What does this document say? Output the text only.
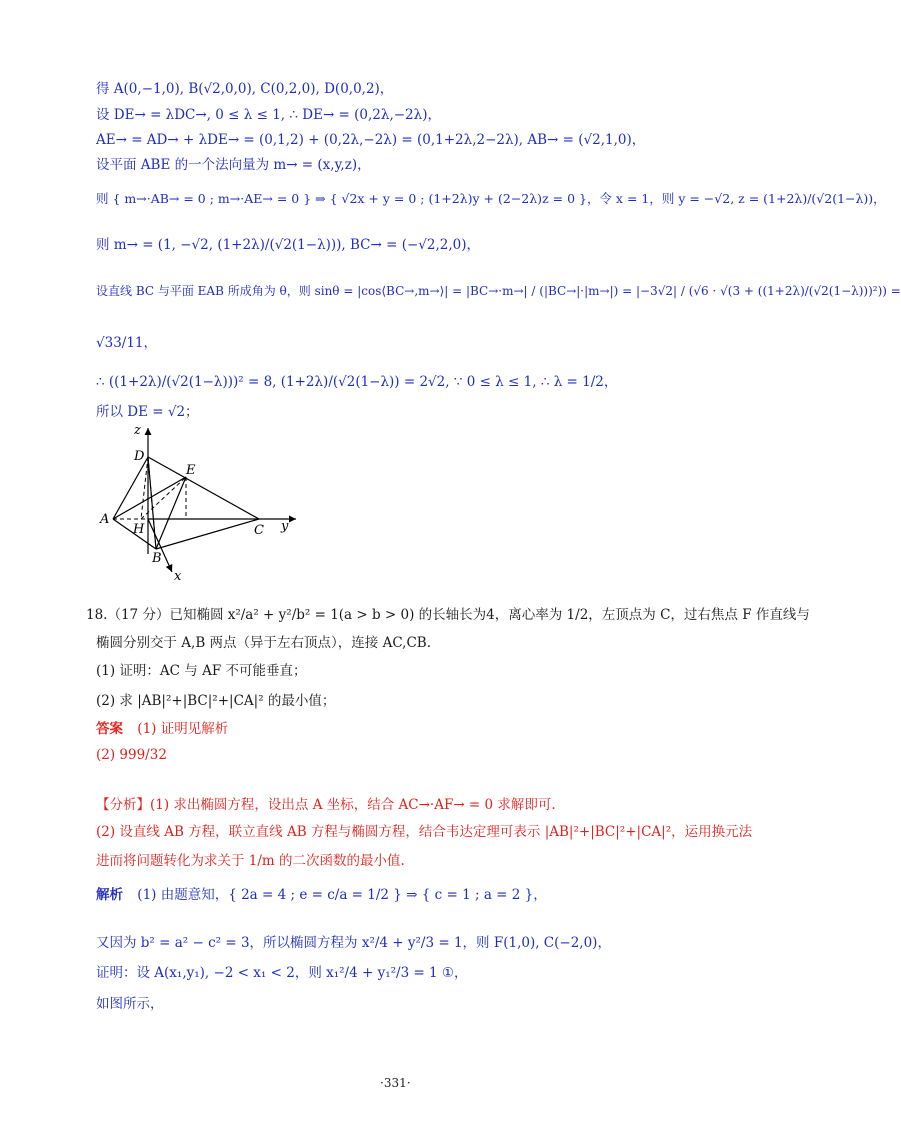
得 A(0,−1,0), B(√2,0,0), C(0,2,0), D(0,0,2)，
设 DE→ = λDC→, 0 ≤ λ ≤ 1, ∴ DE→ = (0,2λ,−2λ)，
AE→ = AD→ + λDE→ = (0,1,2) + (0,2λ,−2λ) = (0,1+2λ,2−2λ), AB→ = (√2,1,0)，
设平面 ABE 的一个法向量为 m→ = (x,y,z)，
则 { m→·AB→ = 0 ; m→·AE→ = 0 } ⇒ { √2x + y = 0 ; (1+2λ)y + (2−2λ)z = 0 }，令 x = 1，则 y = −√2, z = (1+2λ)/(√2(1−λ))，
则 m→ = (1, −√2, (1+2λ)/(√2(1−λ))), BC→ = (−√2,2,0)，
设直线 BC 与平面 EAB 所成角为 θ，则 sinθ = |cos⟨BC→,m→⟩| = |BC→·m→| / (|BC→|·|m→|) = |−3√2| / (√6 · √(3 + ((1+2λ)/(√2(1−λ)))²)) =
√33/11，
∴ ((1+2λ)/(√2(1−λ)))² = 8, (1+2λ)/(√2(1−λ)) = 2√2, ∵ 0 ≤ λ ≤ 1, ∴ λ = 1/2，
所以 DE = √2；
z
D
E
A
H	C y
B
x
18.（17 分）已知椭圆 x²/a² + y²/b² = 1(a > b > 0) 的长轴长为4，离心率为 1/2，左顶点为 C，过右焦点 F 作直线与
椭圆分别交于 A,B 两点（异于左右顶点），连接 AC,CB.
(1) 证明：AC 与 AF 不可能垂直；
(2) 求 |AB|²+|BC|²+|CA|² 的最小值；
答案 (1) 证明见解析
(2) 999/32
【分析】(1) 求出椭圆方程，设出点 A 坐标，结合 AC→·AF→ = 0 求解即可.
(2) 设直线 AB 方程，联立直线 AB 方程与椭圆方程，结合韦达定理可表示 |AB|²+|BC|²+|CA|²，运用换元法
进而将问题转化为求关于 1/m 的二次函数的最小值.
解析 (1) 由题意知，{ 2a = 4 ; e = c/a = 1/2 } ⇒ { c = 1 ; a = 2 }，
又因为 b² = a² − c² = 3，所以椭圆方程为 x²/4 + y²/3 = 1，则 F(1,0), C(−2,0)，
证明：设 A(x₁,y₁), −2 < x₁ < 2，则 x₁²/4 + y₁²/3 = 1 ①，
如图所示，
·331·
